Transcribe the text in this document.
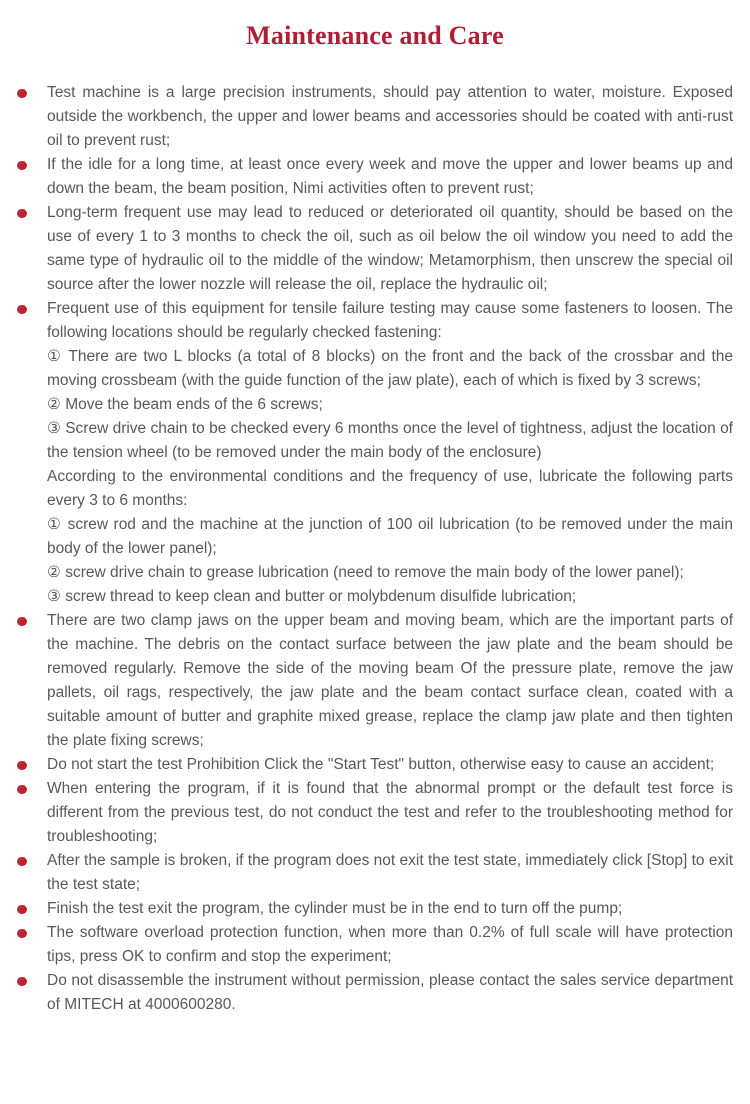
Maintenance and Care

Test machine is a large precision instruments, should pay attention to water, moisture. Exposed outside the workbench, the upper and lower beams and accessories should be coated with anti-rust oil to prevent rust;

If the idle for a long time, at least once every week and move the upper and lower beams up and down the beam, the beam position, Nimi activities often to prevent rust;

Long-term frequent use may lead to reduced or deteriorated oil quantity, should be based on the use of every 1 to 3 months to check the oil, such as oil below the oil window you need to add the same type of hydraulic oil to the middle of the window; Metamorphism, then unscrew the special oil source after the lower nozzle will release the oil, replace the hydraulic oil;

Frequent use of this equipment for tensile failure testing may cause some fasteners to loosen. The following locations should be regularly checked fastening:

① There are two L blocks (a total of 8 blocks) on the front and the back of the crossbar and the moving crossbeam (with the guide function of the jaw plate), each of which is fixed by 3 screws;

② Move the beam ends of the 6 screws;

③ Screw drive chain to be checked every 6 months once the level of tightness, adjust the location of the tension wheel (to be removed under the main body of the enclosure)

According to the environmental conditions and the frequency of use, lubricate the following parts every 3 to 6 months:

① screw rod and the machine at the junction of 100 oil lubrication (to be removed under the main body of the lower panel);

② screw drive chain to grease lubrication (need to remove the main body of the lower panel);

③ screw thread to keep clean and butter or molybdenum disulfide lubrication;

There are two clamp jaws on the upper beam and moving beam, which are the important parts of the machine. The debris on the contact surface between the jaw plate and the beam should be removed regularly. Remove the side of the moving beam Of the pressure plate, remove the jaw pallets, oil rags, respectively, the jaw plate and the beam contact surface clean, coated with a suitable amount of butter and graphite mixed grease, replace the clamp jaw plate and then tighten the plate fixing screws;

Do not start the test Prohibition Click the "Start Test" button, otherwise easy to cause an accident;

When entering the program, if it is found that the abnormal prompt or the default test force is different from the previous test, do not conduct the test and refer to the troubleshooting method for troubleshooting;

After the sample is broken, if the program does not exit the test state, immediately click [Stop] to exit the test state;

Finish the test exit the program, the cylinder must be in the end to turn off the pump;

The software overload protection function, when more than 0.2% of full scale will have protection tips, press OK to confirm and stop the experiment;

Do not disassemble the instrument without permission, please contact the sales service department of MITECH at 4000600280.
